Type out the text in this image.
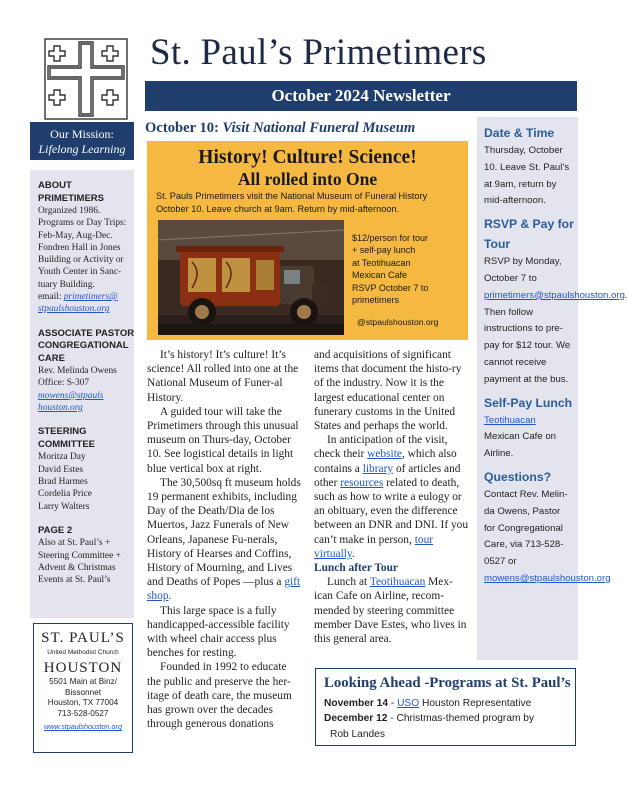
St. Paul’s Primetimers
October 2024 Newsletter
Our Mission:
Lifelong Learning
ABOUT
PRIMETIMERS
Organized 1986.
Programs or Day Trips:
Feb-May, Aug-Dec.
Fondren Hall in Jones
Building or Activity or
Youth Center in Sanc-
tuary Building.
email: primetimers@
stpaulshouston.org
ASSOCIATE PASTOR
CONGREGATIONAL
CARE
Rev. Melinda Owens
Office: S-307
mowens@stpauls
houston.org
STEERING
COMMITTEE
Moritza Day
David Estes
Brad Harmes
Cordelia Price
Larry Walters
PAGE 2
Also at St. Paul’s +
Steering Committee +
Advent & Christmas
Events at St. Paul’s
ST. PAUL’S
United Methodist Church
HOUSTON
5501 Main at Binz/
Bissonnet
Houston, TX 77004
713-528-0527
www.stpaulshouston.org
October 10: Visit National Funeral Museum
History! Culture! Science!
All rolled into One
St. Pauls Primetimers visit the National Museum of Funeral History
October 10. Leave church at 9am. Return by mid-afternoon.
$12/person for tour
+ self-pay lunch
at Teotihuacan
Mexican Cafe
RSVP October 7 to
primetimers
@stpaulshouston.org

It’s history! It’s culture! It’s science! All rolled into one at the National Museum of Funer-al History.

A guided tour will take the Primetimers through this unusual museum on Thurs-day, October 10. See logistical details in light blue vertical box at right.

The 30,500sq ft museum holds 19 permanent exhibits, including Day of the Death/Dia de los Muertos, Jazz Funerals of New Orleans, Japanese Fu-nerals, History of Hearses and Coffins, History of Mourning, and Lives and Deaths of Popes —plus a gift shop.

This large space is a fully handicapped-accessible facility with wheel chair access plus benches for resting.

Founded in 1992 to educate the public and preserve the her-itage of death care, the museum has grown over the decades through generous donations

and acquisitions of significant items that document the histo-ry of the industry. Now it is the largest educational center on funerary customs in the United States and perhaps the world.

In anticipation of the visit, check their website, which also contains a library of articles and other resources related to death, such as how to write a eulogy or an obituary, even the difference between an DNR and DNI. If you can’t make in person, tour virtually.

Lunch after Tour

Lunch at Teotihuacan Mex-ican Cafe on Airline, recom-mended by steering committee member Dave Estes, who lives in this general area.

Date & Time
Thursday, October 10. Leave St. Paul’s at 9am, return by mid-afternoon.
RSVP & Pay for Tour
RSVP by Monday, October 7 to primetimers@stpaulshouston.org. Then follow instructions to pre-pay for $12 tour. We cannot receive payment at the bus.
Self-Pay Lunch
Teotihuacan Mexican Cafe on Airline.
Questions?
Contact Rev. Melin-da Owens, Pastor for Congregational Care, via 713-528-0527 or mowens@stpaulshouston.org
Looking Ahead -Programs at St. Paul’s
November 14 - USO Houston Representative
December 12 - Christmas-themed program by
Rob Landes
